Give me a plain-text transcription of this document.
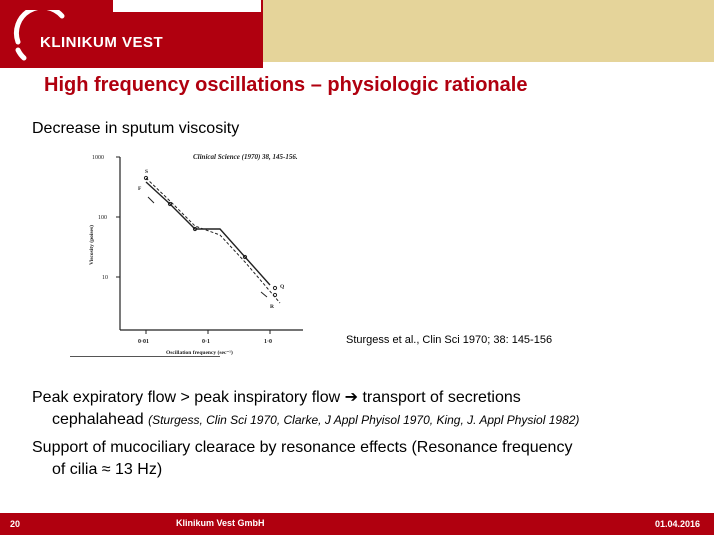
KLINIKUM VEST
High frequency oscillations – physiologic rationale
Decrease in sputum viscosity
Clinical Science (1970) 38, 145-156.
1000
100
10
Viscosity (poises)
0·01	0·1	1·0
Oscillation frequency (sec⁻¹)
S
F
Q
R
Sturgess et al., Clin Sci 1970; 38: 145-156
Peak expiratory flow > peak inspiratory flow ➔ transport of secretions
cephalahead (Sturgess, Clin Sci 1970, Clarke, J Appl Phyisol 1970, King, J. Appl Physiol 1982)
Support of mucociliary clearace by resonance effects (Resonance frequency
of cilia ≈ 13 Hz)
20	Klinikum Vest GmbH	01.04.2016
